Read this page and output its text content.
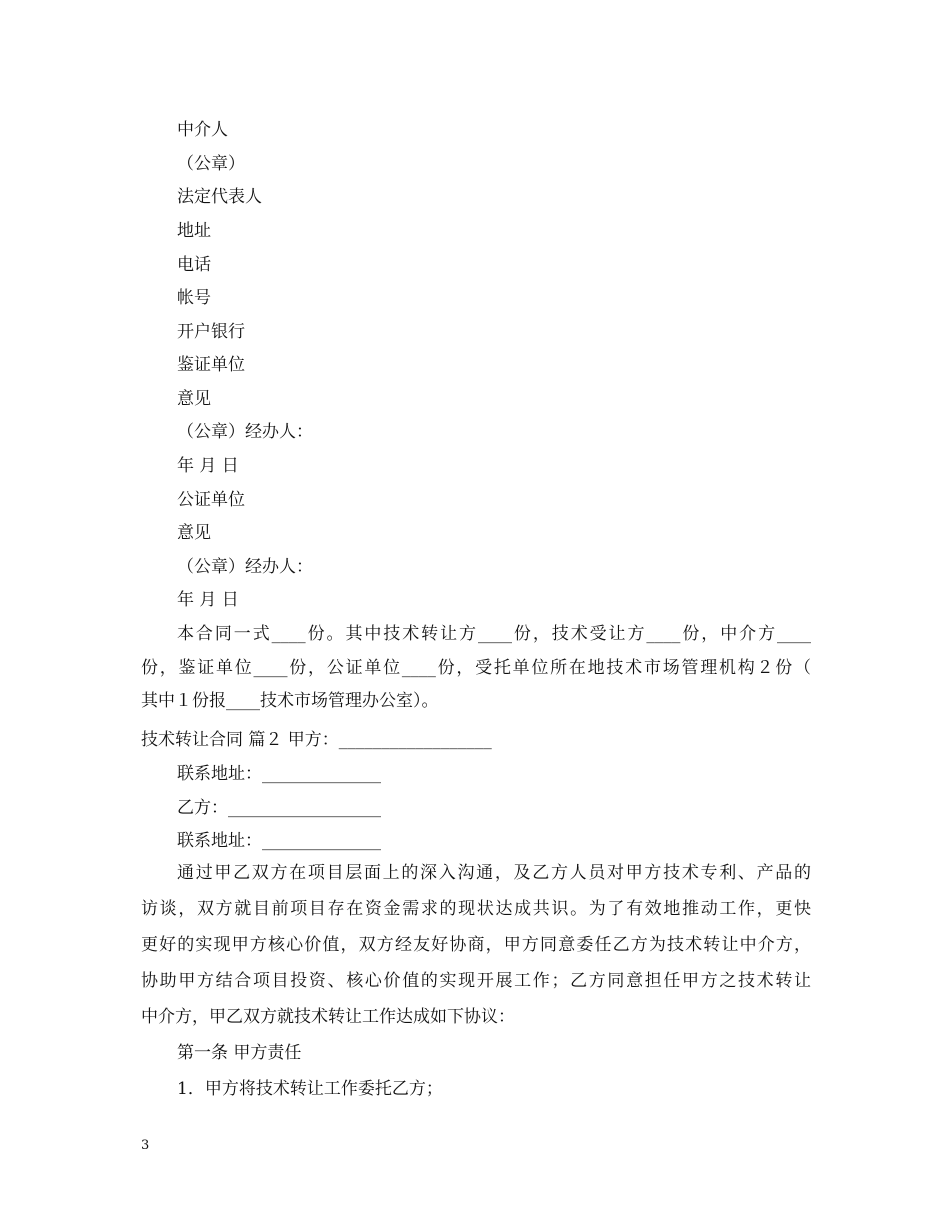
中介人
（公章）
法定代表人
地址
电话
帐号
开户银行
鉴证单位
意见
（公章）经办人：
年 月 日
公证单位
意见
（公章）经办人：
年 月 日
本合同一式____份。其中技术转让方____份，技术受让方____份，中介方____
份，鉴证单位____份，公证单位____份，受托单位所在地技术市场管理机构２份（
其中１份报____技术市场管理办公室）。
技术转让合同 篇２ 甲方：__________________
联系地址：______________
乙方：__________________
联系地址：______________
通过甲乙双方在项目层面上的深入沟通，及乙方人员对甲方技术专利、产品的
访谈，双方就目前项目存在资金需求的现状达成共识。为了有效地推动工作，更快
更好的实现甲方核心价值，双方经友好协商，甲方同意委任乙方为技术转让中介方，
协助甲方结合项目投资、核心价值的实现开展工作；乙方同意担任甲方之技术转让
中介方，甲乙双方就技术转让工作达成如下协议：
第一条 甲方责任
1．甲方将技术转让工作委托乙方；
3
